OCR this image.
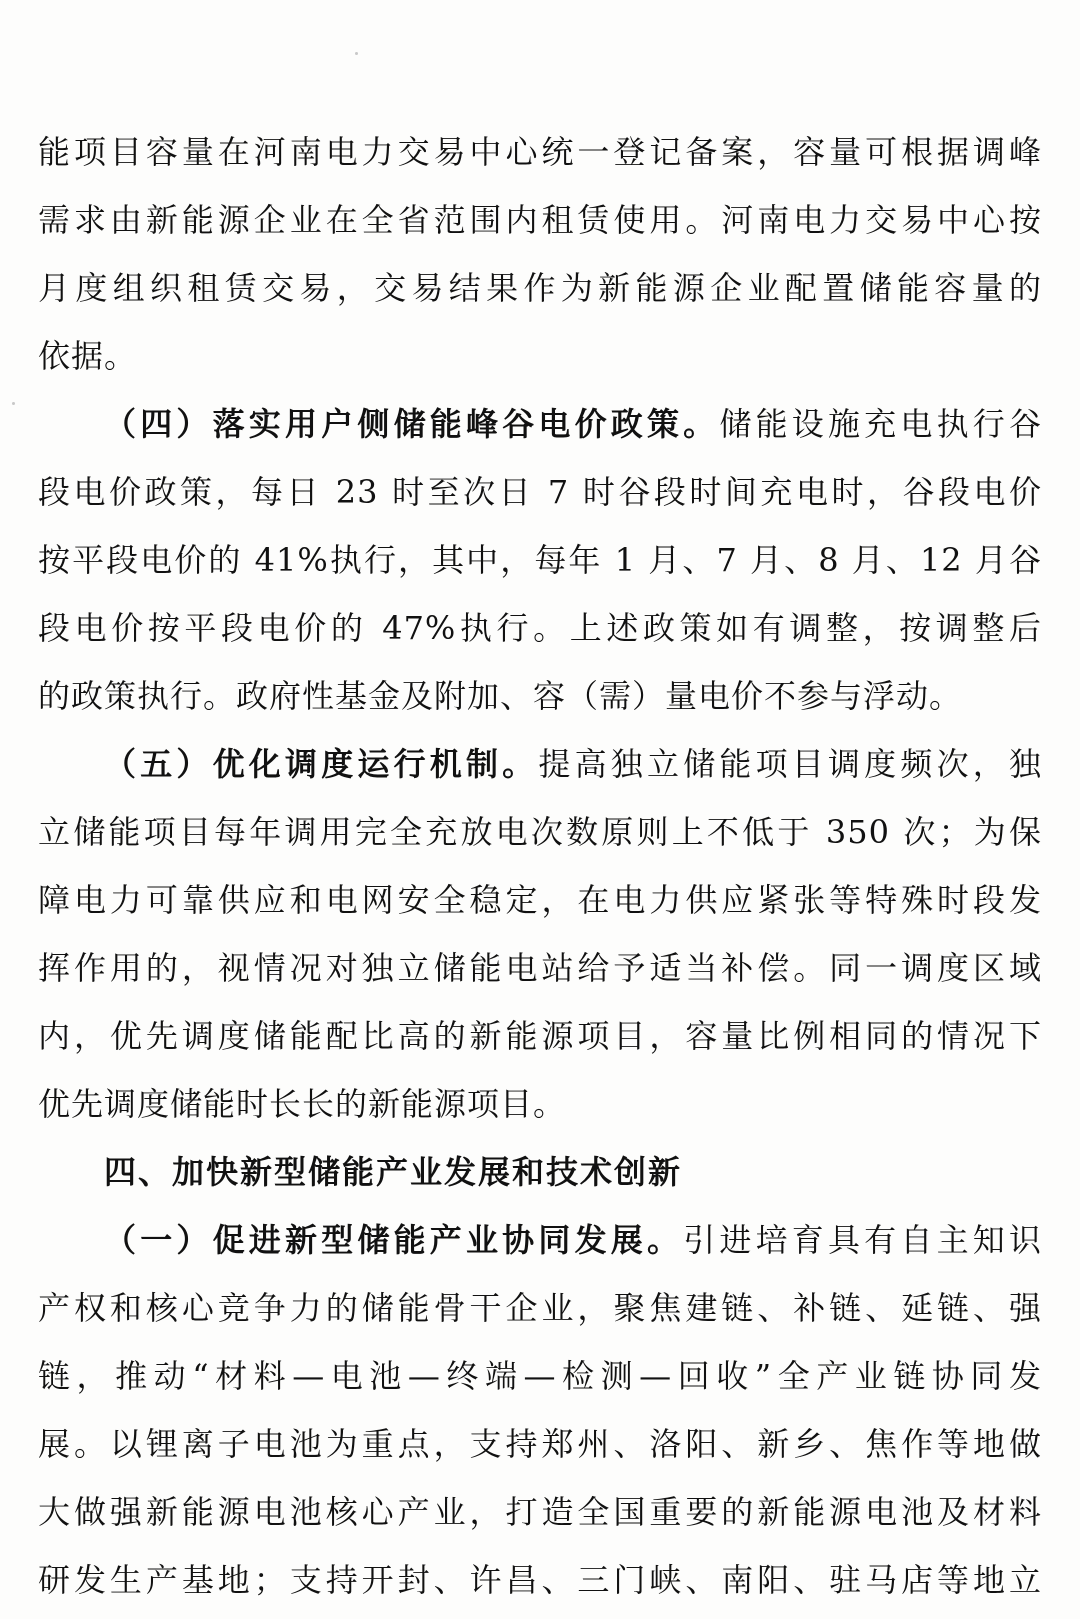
能项目容量在河南电力交易中心统一登记备案，容量可根据调峰
需求由新能源企业在全省范围内租赁使用。河南电力交易中心按
月度组织租赁交易，交易结果作为新能源企业配置储能容量的
依据。
（四）落实用户侧储能峰谷电价政策。储能设施充电执行谷
段电价政策，每日 23 时至次日 7 时谷段时间充电时，谷段电价
按平段电价的 41%执行，其中，每年 1 月、7 月、8 月、12 月谷
段电价按平段电价的 47%执行。上述政策如有调整，按调整后
的政策执行。政府性基金及附加、容（需）量电价不参与浮动。
（五）优化调度运行机制。提高独立储能项目调度频次，独
立储能项目每年调用完全充放电次数原则上不低于 350 次；为保
障电力可靠供应和电网安全稳定，在电力供应紧张等特殊时段发
挥作用的，视情况对独立储能电站给予适当补偿。同一调度区域
内，优先调度储能配比高的新能源项目，容量比例相同的情况下
优先调度储能时长长的新能源项目。
四、加快新型储能产业发展和技术创新
（一）促进新型储能产业协同发展。引进培育具有自主知识
产权和核心竞争力的储能骨干企业，聚焦建链、补链、延链、强
链，推动“材料—电池—终端—检测—回收”全产业链协同发
展。以锂离子电池为重点，支持郑州、洛阳、新乡、焦作等地做
大做强新能源电池核心产业，打造全国重要的新能源电池及材料
研发生产基地；支持开封、许昌、三门峡、南阳、驻马店等地立
